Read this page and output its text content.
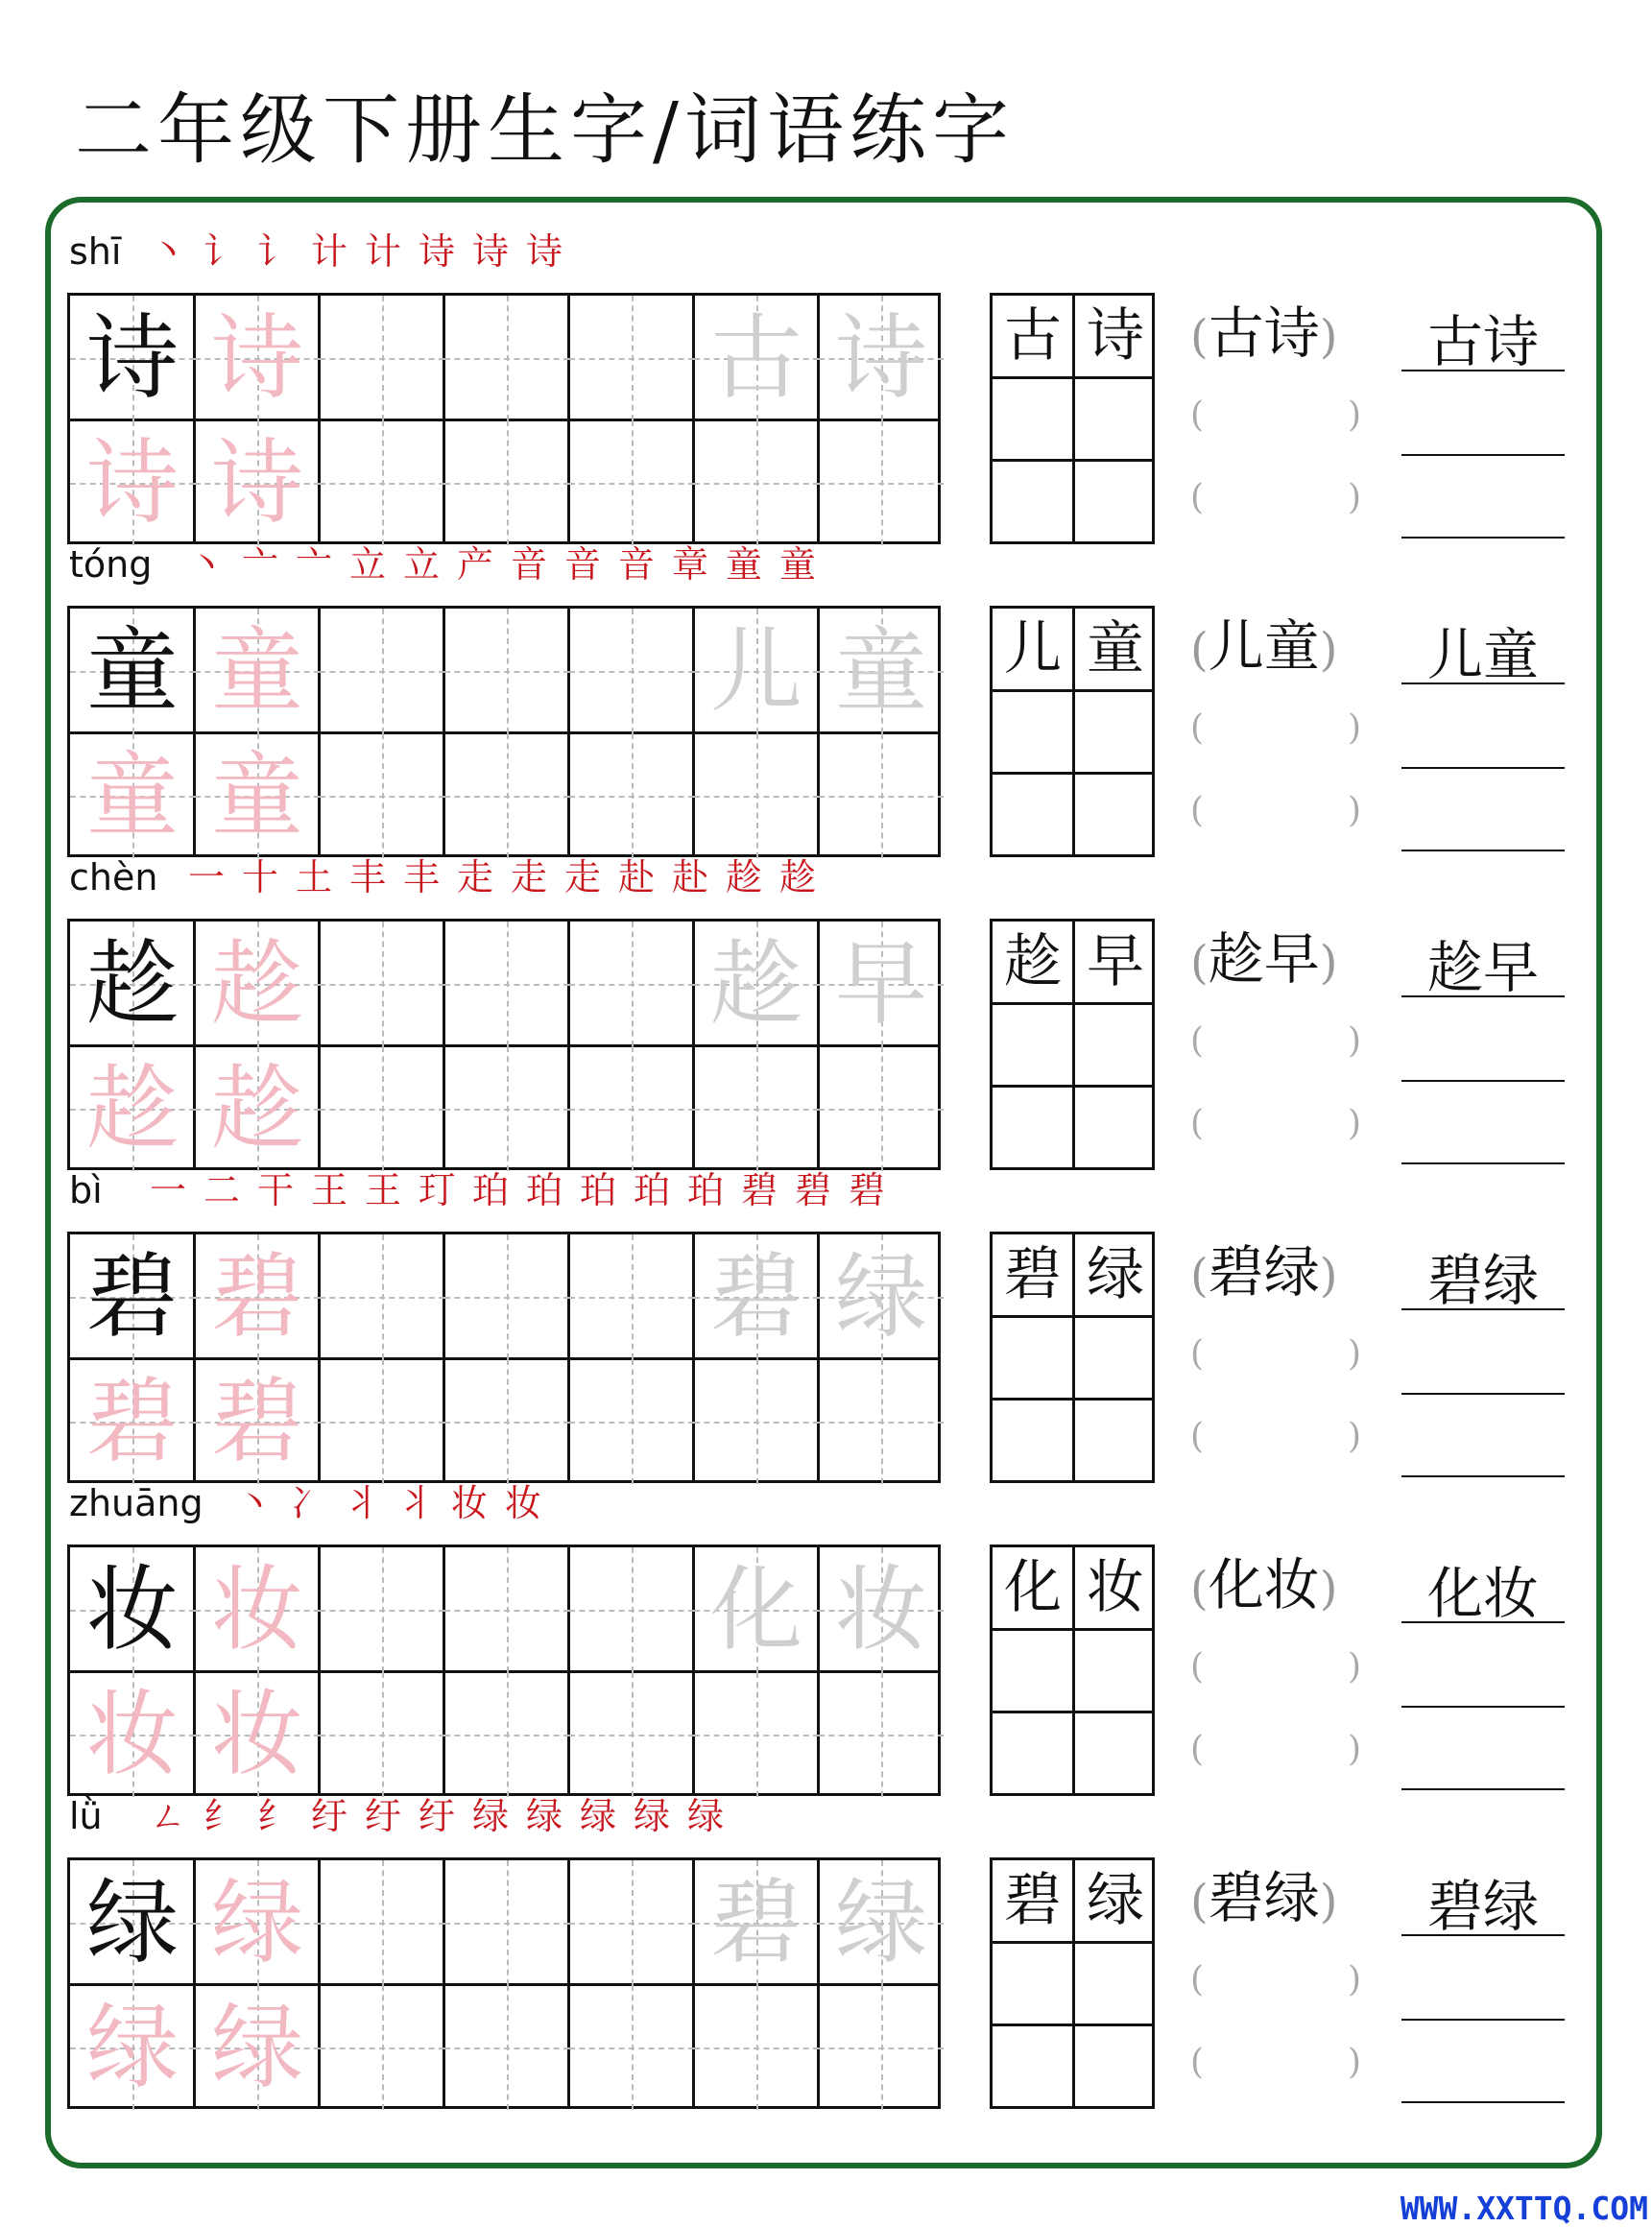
二年级下册生字/词语练字
shī 丶 讠 讠 计 计 诗 诗 诗
诗 诗	古 诗
诗 诗
古 诗 (古诗)
(	)
(	)
古诗
tóng 丶 亠 亠 立 立 产 音 音 音 章 童 童
童 童	儿 童
童 童
儿 童 (儿童)
(	)
(	)
儿童
chèn 一 十 土 丰 丰 走 走 走 赴 赴 趁 趁
趁 趁	趁 早
趁 趁
趁 早 (趁早)
(	)
(	)
趁早
bì 一 二 干 王 王 玎 珀 珀 珀 珀 珀 碧 碧 碧
碧 碧	碧 绿
碧 碧
碧 绿 (碧绿)
(	)
(	)
碧绿
zhuāng 丶 冫 丬 丬 妆 妆
妆 妆	化 妆
妆 妆
化 妆 (化妆)
(	)
(	)
化妆
lǜ ㄥ 纟 纟 纡 纡 纡 绿 绿 绿 绿 绿
绿 绿	碧 绿
绿 绿
碧 绿 (碧绿)
(	)
(	)
碧绿
WWW.XXTTQ.COM
